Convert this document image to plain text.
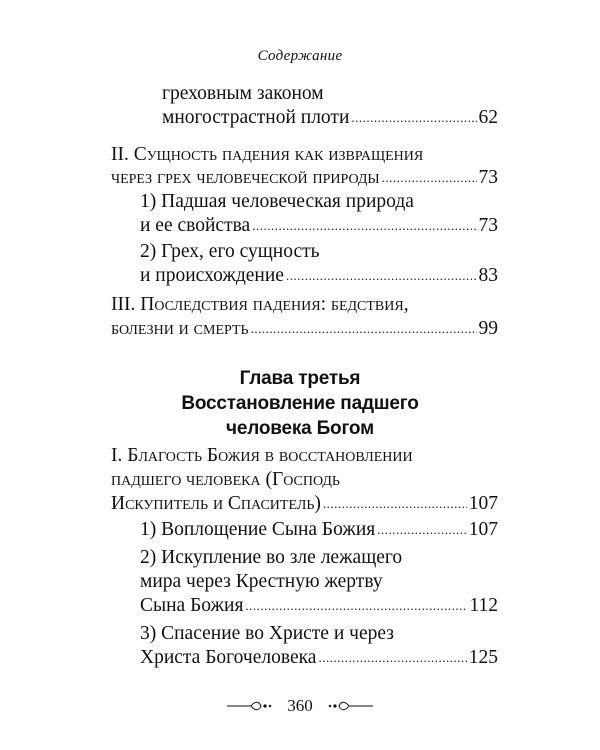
Содержание
греховным законом
многострастной плоти .....	62
II. Сущность падения как извращения
через грех человеческой природы .....	73
1) Падшая человеческая природа
и ее свойства .....	73
2) Грех, его сущность
и происхождение .....	83
III. Последствия падения: бедствия,
болезни и смерть .....	99
Глава третья
Восстановление падшего
человека Богом
I. Благость Божия в восстановлении
падшего человека (Господь
Искупитель и Спаситель) .....	107
1) Воплощение Сына Божия .....	107
2) Искупление во зле лежащего
мира через Крестную жертву
Сына Божия .....	112
3) Спасение во Христе и через
Христа Богочеловека .....	125
360
